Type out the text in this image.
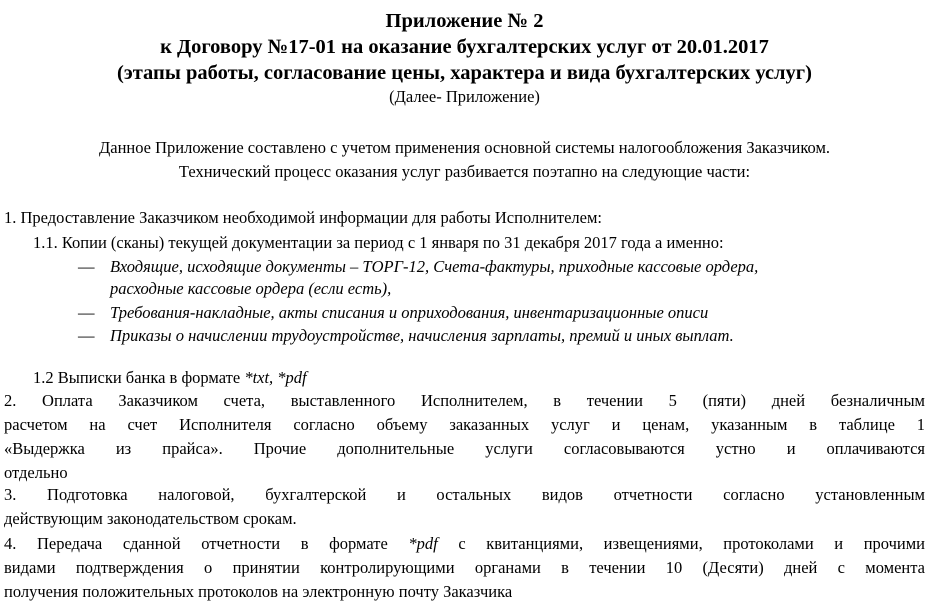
Приложение № 2
к Договору №17-01 на оказание бухгалтерских услуг от 20.01.2017
(этапы работы, согласование цены, характера и вида бухгалтерских услуг)
(Далее- Приложение)
Данное Приложение составлено с учетом применения основной системы налогообложения Заказчиком.
Технический процесс оказания услуг разбивается поэтапно на следующие части:
1. Предоставление Заказчиком необходимой информации для работы Исполнителем:
1.1. Копии (сканы) текущей документации за период с 1 января по 31 декабря 2017 года а именно:
— Входящие, исходящие документы – ТОРГ-12, Счета-фактуры, приходные кассовые ордера,
расходные кассовые ордера (если есть),
— Требования-накладные, акты списания и оприходования, инвентаризационные описи
— Приказы о начислении трудоустройстве, начисления зарплаты, премий и иных выплат.
1.2 Выписки банка в формате *txt, *pdf
2. Оплата Заказчиком счета, выставленного Исполнителем, в течении 5 (пяти) дней безналичным
расчетом на счет Исполнителя согласно объему заказанных услуг и ценам, указанным в таблице 1
«Выдержка из прайса». Прочие дополнительные услуги согласовываются устно и оплачиваются
отдельно
3. Подготовка налоговой, бухгалтерской и остальных видов отчетности согласно установленным
действующим законодательством срокам.
4. Передача сданной отчетности в формате *pdf с квитанциями, извещениями, протоколами и прочими
видами подтверждения о принятии контролирующими органами в течении 10 (Десяти) дней с момента
получения положительных протоколов на электронную почту Заказчика
